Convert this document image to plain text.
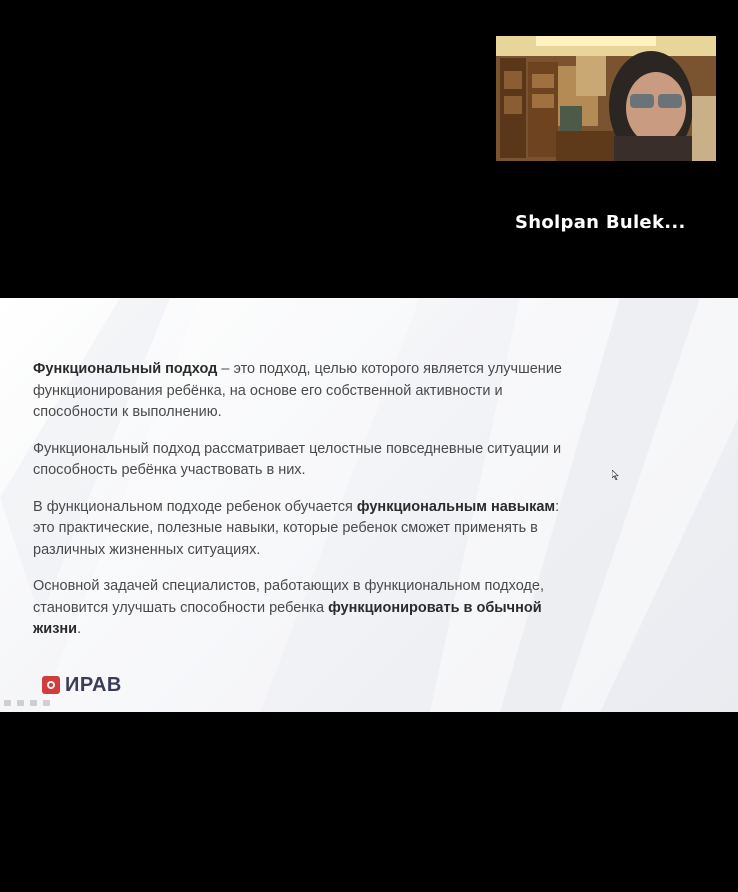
Sholpan Bulek...

Функциональный подход – это подход, целью которого является улучшение функционирования ребёнка, на основе его собственной активности и способности к выполнению.

Функциональный подход рассматривает целостные повседневные ситуации и способность ребёнка участвовать в них.

В функциональном подходе ребенок обучается функциональным навыкам: это практические, полезные навыки, которые ребенок сможет применять в различных жизненных ситуациях.

Основной задачей специалистов, работающих в функциональном подходе, становится улучшать способности ребенка функционировать в обычной жизни.

ИРАВ
